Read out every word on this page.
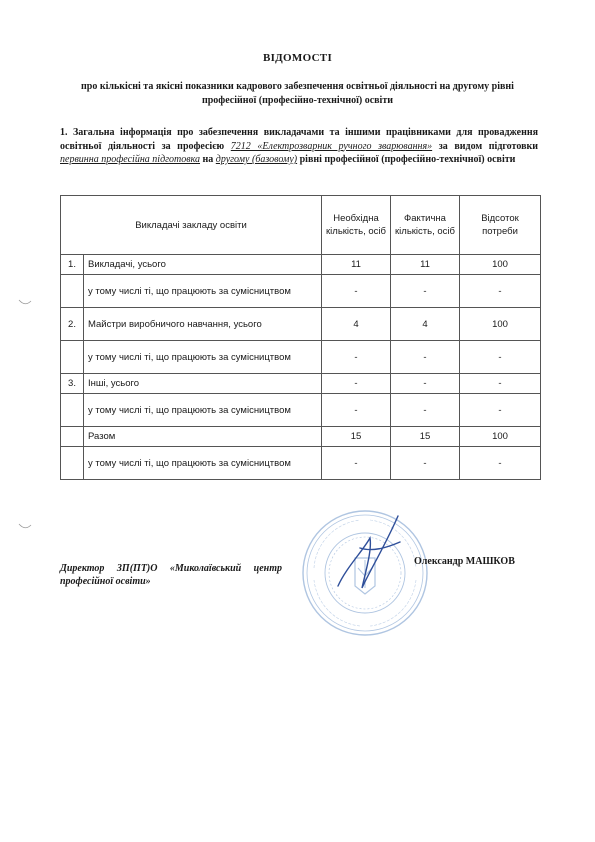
ВІДОМОСТІ
про кількісні та якісні показники кадрового забезпечення освітньої діяльності на другому рівні професійної (професійно-технічної) освіти
1. Загальна інформація про забезпечення викладачами та іншими працівниками для провадження освітньої діяльності за професією 7212 «Електрозварник ручного зварювання» за видом підготовки первинна професійна підготовка на другому (базовому) рівні професійної (професійно-технічної) освіти
Викладачі закладу освіти		Необхідна кількість, осіб	Фактична кількість, осіб	Відсоток потреби
1.	Викладачі, усього	11	11	100
	у тому числі ті, що працюють за сумісництвом	-	-	-
2.	Майстри виробничого навчання, усього	4	4	100
	у тому числі ті, що працюють за сумісництвом	-	-	-
3.	Інші, усього	-	-	-
	у тому числі ті, що працюють за сумісництвом	-	-	-
	Разом	15	15	100
	у тому числі ті, що працюють за сумісництвом	-	-	-
Директор ЗП(ПТ)О «Миколаївський центр професійної освіти»
Олександр МАШКОВ
